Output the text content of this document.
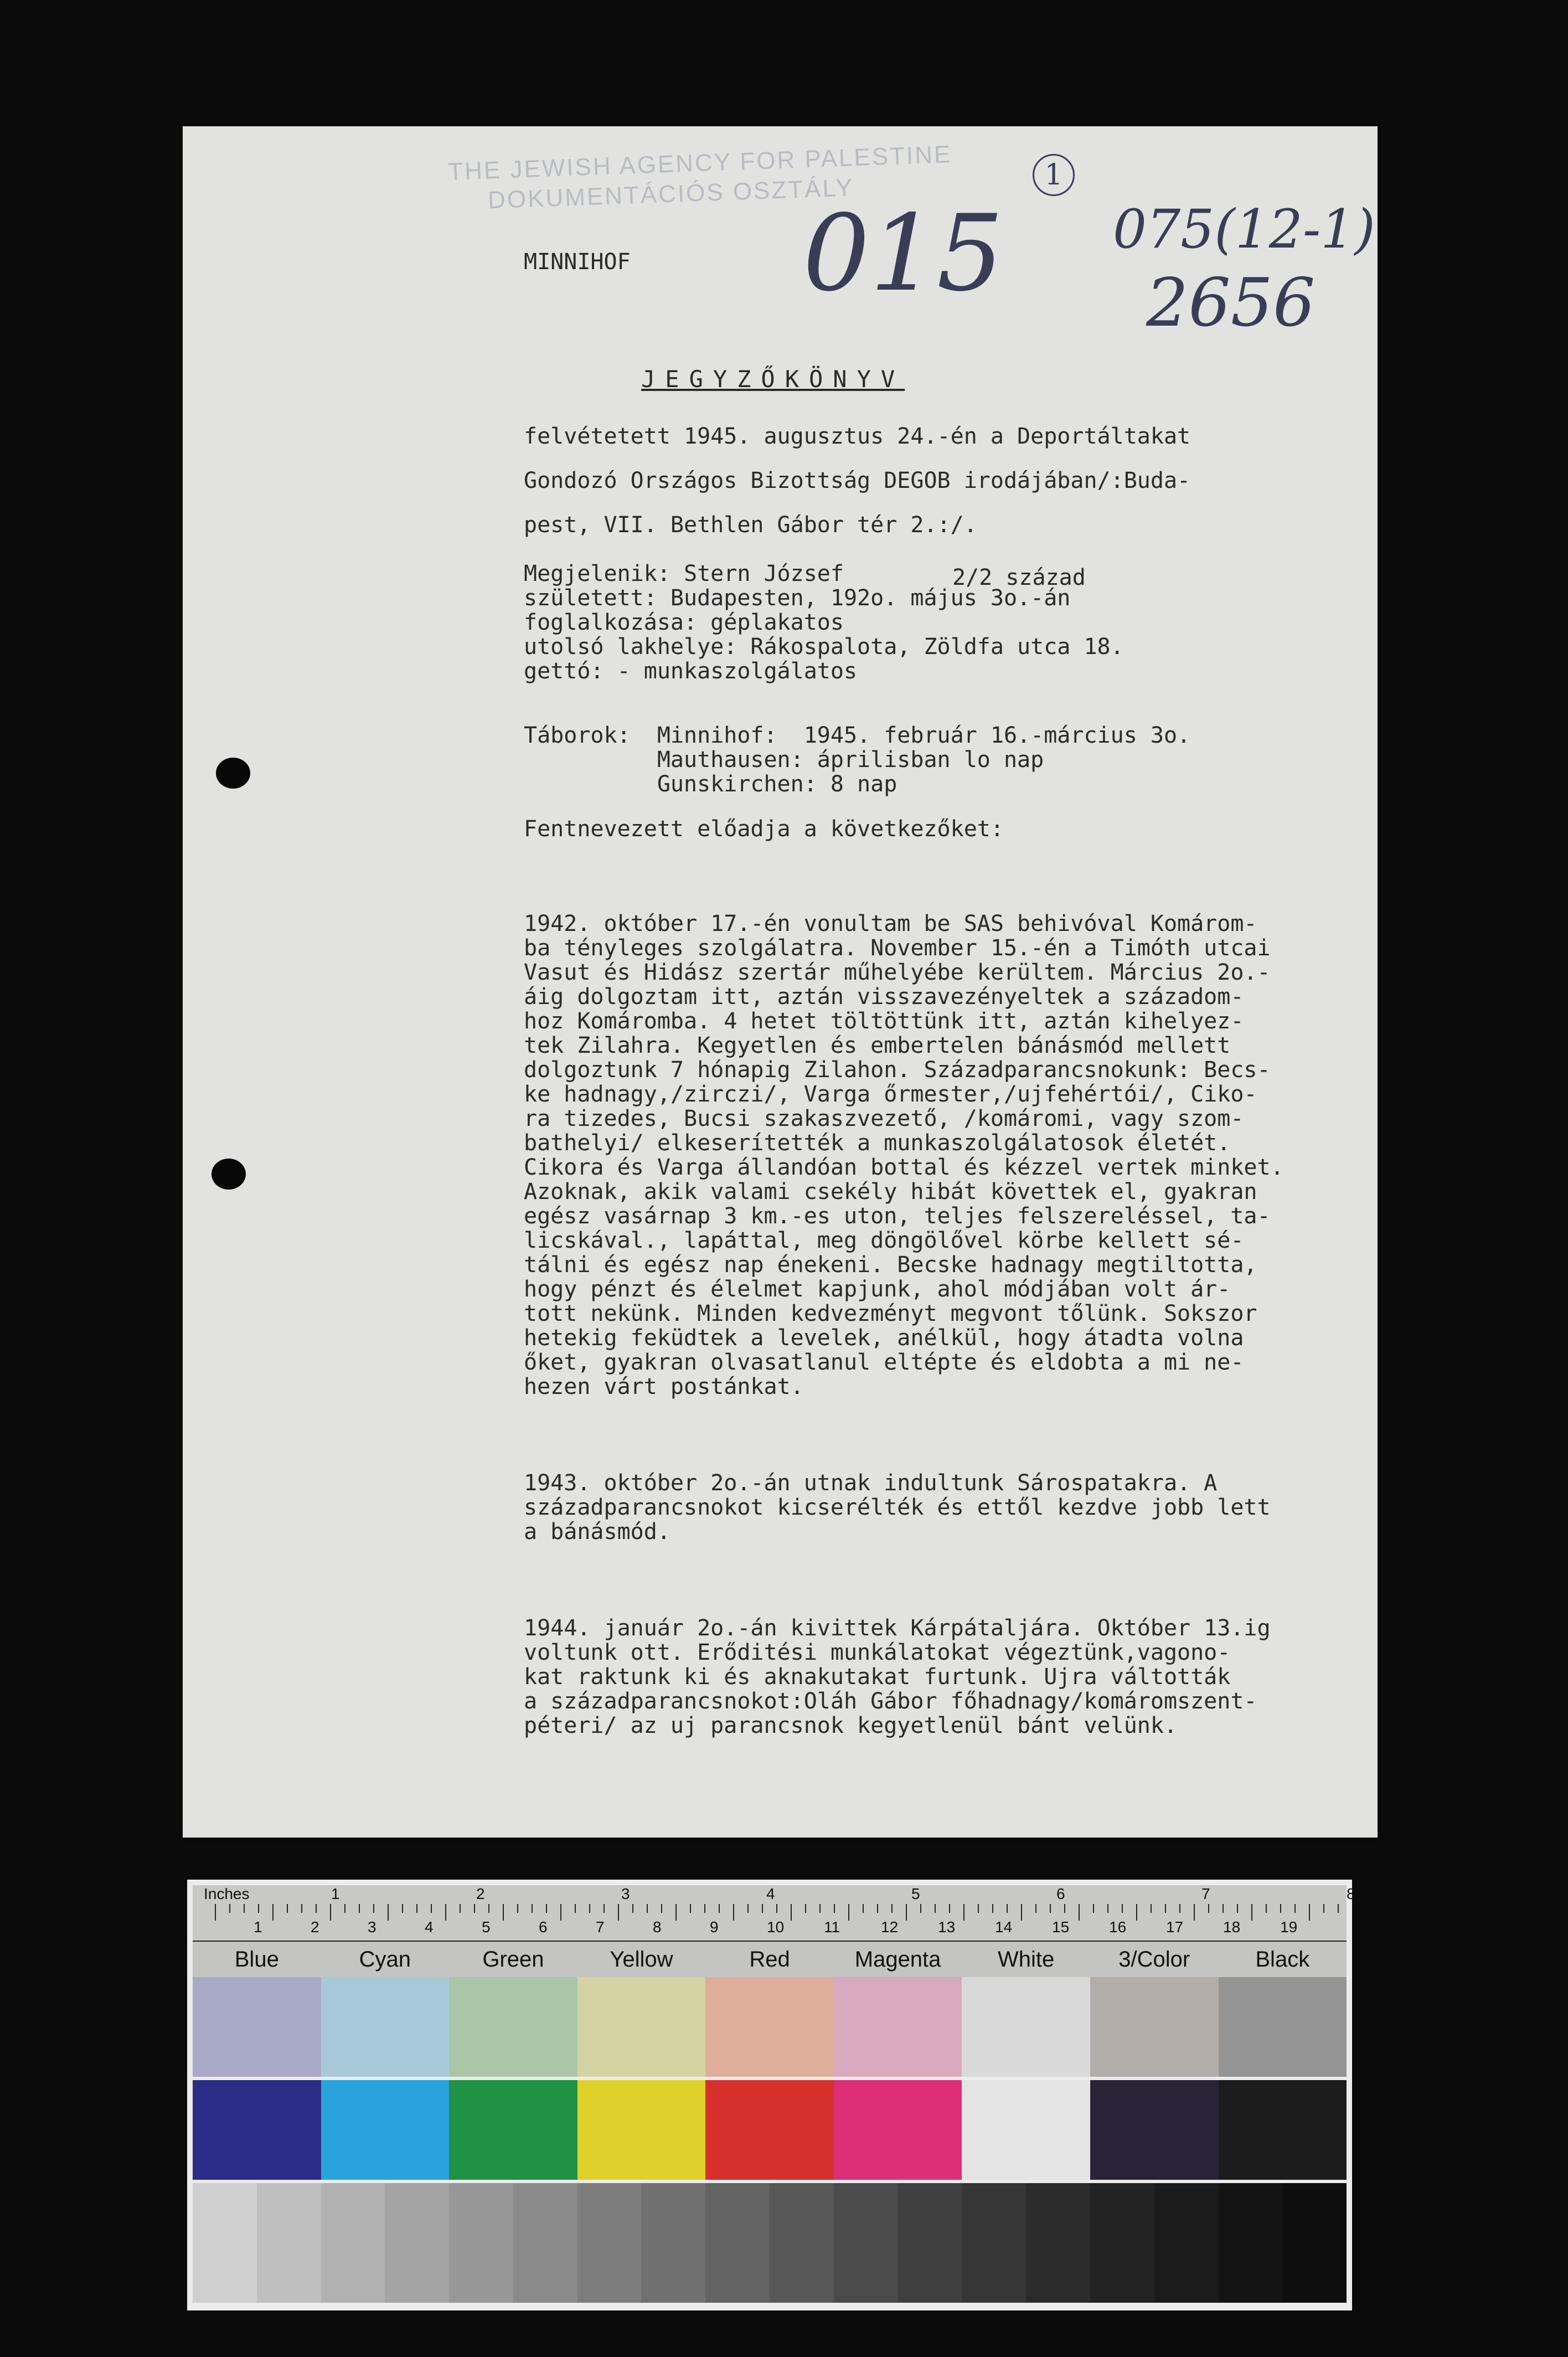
THE JEWISH AGENCY FOR PALESTINE
DOKUMENTÁCIÓS OSZTÁLY
015
1
075(12-1)
2656
MINNIHOF
JEGYZŐKÖNYV
felvétetett 1945. augusztus 24.-én a Deportáltakat
Gondozó Országos Bizottság DEGOB irodájában/:Buda-
pest, VII. Bethlen Gábor tér 2.:/.
2/2 század
Megjelenik: Stern József
született: Budapesten, 192o. május 3o.-án
foglalkozása: géplakatos
utolsó lakhelye: Rákospalota, Zöldfa utca 18.
gettó: - munkaszolgálatos
Táborok:  Minnihof:  1945. február 16.-március 3o.
Mauthausen: áprilisban lo nap
Gunskirchen: 8 nap
Fentnevezett előadja a következőket:

1942. október 17.-én vonultam be SAS behivóval Komárom-
ba tényleges szolgálatra. November 15.-én a Timóth utcai
Vasut és Hidász szertár műhelyébe kerültem. Március 2o.-
áig dolgoztam itt, aztán visszavezényeltek a századom-
hoz Komáromba. 4 hetet töltöttünk itt, aztán kihelyez-
tek Zilahra. Kegyetlen és embertelen bánásmód mellett
dolgoztunk 7 hónapig Zilahon. Századparancsnokunk: Becs-
ke hadnagy,/zirczi/, Varga őrmester,/ujfehértói/, Ciko-
ra tizedes, Bucsi szakaszvezető, /komáromi, vagy szom-
bathelyi/ elkeserítették a munkaszolgálatosok életét.
Cikora és Varga állandóan bottal és kézzel vertek minket.
Azoknak, akik valami csekély hibát követtek el, gyakran
egész vasárnap 3 km.-es uton, teljes felszereléssel, ta-
licskával., lapáttal, meg döngölővel körbe kellett sé-
tálni és egész nap énekeni. Becske hadnagy megtiltotta,
hogy pénzt és élelmet kapjunk, ahol módjában volt ár-
tott nekünk. Minden kedvezményt megvont tőlünk. Sokszor
hetekig feküdtek a levelek, anélkül, hogy átadta volna
őket, gyakran olvasatlanul eltépte és eldobta a mi ne-
hezen várt postánkat.

1943. október 2o.-án utnak indultunk Sárospatakra. A
századparancsnokot kicserélték és ettől kezdve jobb lett
a bánásmód.

1944. január 2o.-án kivittek Kárpátaljára. Október 13.ig
voltunk ott. Erőditési munkálatokat végeztünk,vagono-
kat raktunk ki és aknakutakat furtunk. Ujra váltották
a századparancsnokot:Oláh Gábor főhadnagy/komáromszent-
péteri/ az uj parancsnok kegyetlenül bánt velünk.

Inches	1	2	3	4	5	6	7	8
1	2	3	4	5	6	7	8	9	10	11	12	13	14	15	16	17	18	19
Blue	Cyan	Green	Yellow	Red	Magenta	White	3/Color	Black
